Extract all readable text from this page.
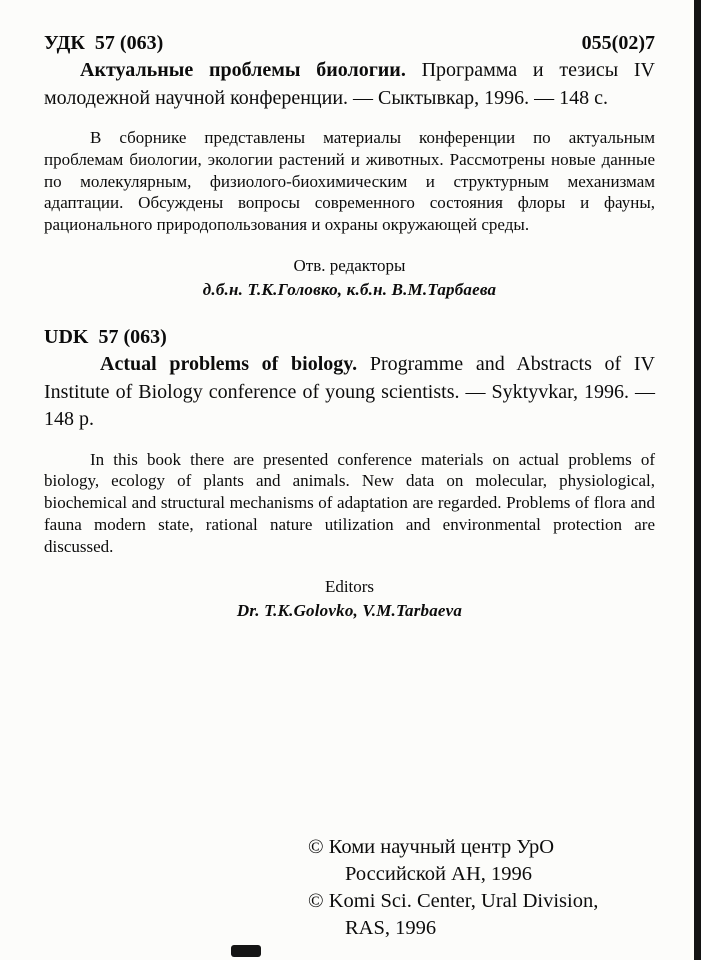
УДК  57 (063)	055(02)7

Актуальные проблемы биологии. Программа и тезисы IV молодежной научной конференции. — Сыктывкар, 1996. — 148 с.

В сборнике представлены материалы конференции по актуальным проблемам биологии, экологии растений и животных. Рассмотрены новые данные по молекулярным, физиолого-биохимическим и структурным механизмам адаптации. Обсуждены вопросы современного состояния флоры и фауны, рационального природопользования и охраны окружающей среды.

Отв. редакторы
д.б.н. Т.К.Головко, к.б.н. В.М.Тарбаева
UDK  57 (063)

Actual problems of biology. Programme and Abstracts of IV Institute of Biology conference of young scientists. — Syktyvkar, 1996. — 148 p.

In this book there are presented conference materials on actual problems of biology, ecology of plants and animals. New data on molecular, physiological, biochemical and structural mechanisms of adaptation are regarded. Problems of flora and fauna modern state, rational nature utilization and environmental protection are discussed.

Editors
Dr. T.K.Golovko, V.M.Tarbaeva
© Коми научный центр УрО
Российской АН, 1996
© Komi Sci. Center, Ural Division,
RAS, 1996
